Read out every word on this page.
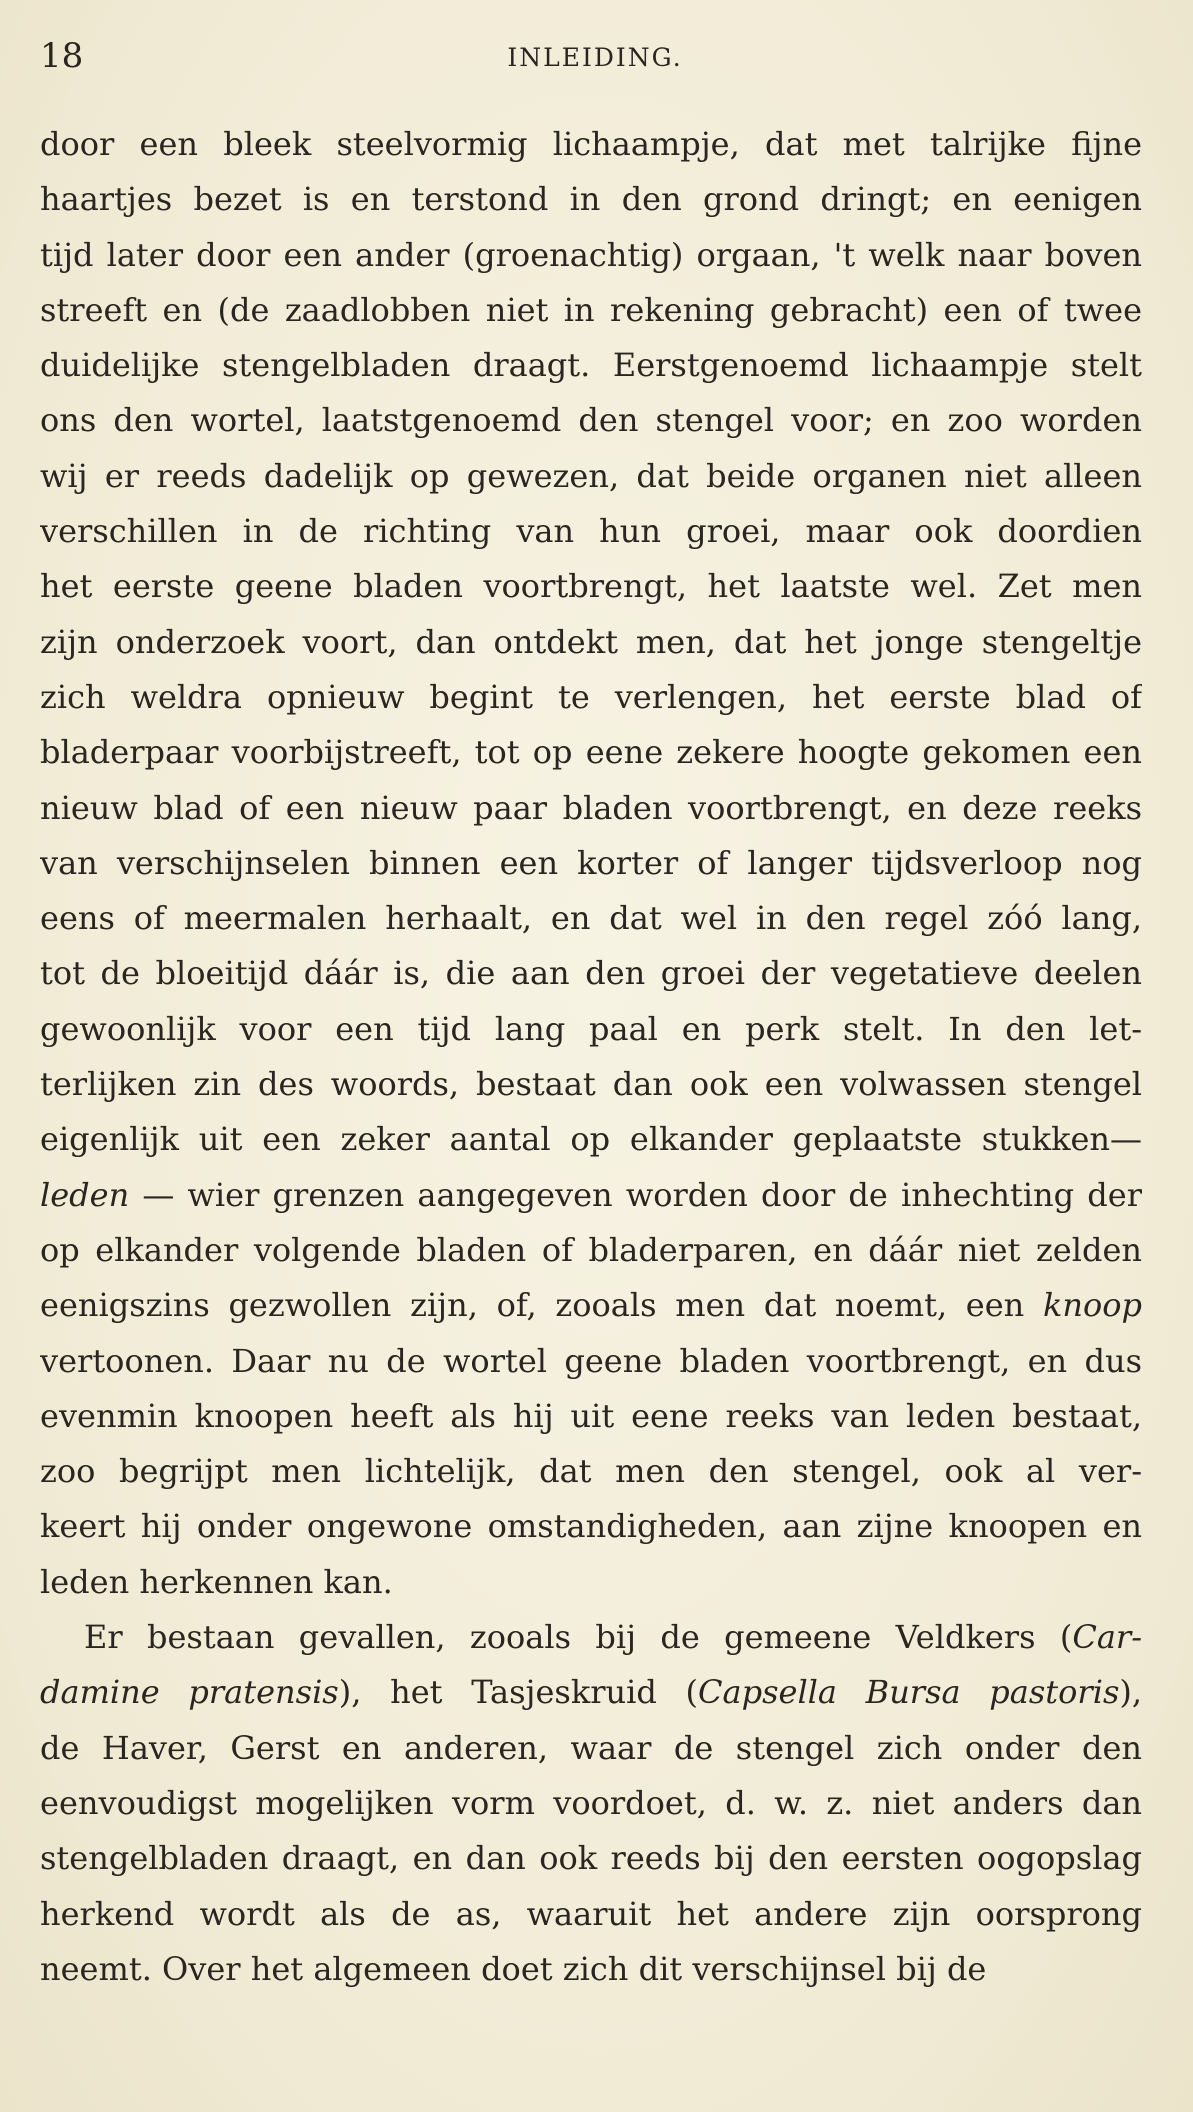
18	INLEIDING.
door een bleek steelvormig lichaampje, dat met talrijke fijne
haartjes bezet is en terstond in den grond dringt; en eenigen
tijd later door een ander (groenachtig) orgaan, 't welk naar boven
streeft en (de zaadlobben niet in rekening gebracht) een of twee
duidelijke stengelbladen draagt. Eerstgenoemd lichaampje stelt
ons den wortel, laatstgenoemd den stengel voor; en zoo worden
wij er reeds dadelijk op gewezen, dat beide organen niet alleen
verschillen in de richting van hun groei, maar ook doordien
het eerste geene bladen voortbrengt, het laatste wel. Zet men
zijn onderzoek voort, dan ontdekt men, dat het jonge stengeltje
zich weldra opnieuw begint te verlengen, het eerste blad of
bladerpaar voorbijstreeft, tot op eene zekere hoogte gekomen een
nieuw blad of een nieuw paar bladen voortbrengt, en deze reeks
van verschijnselen binnen een korter of langer tijdsverloop nog
eens of meermalen herhaalt, en dat wel in den regel zóó lang,
tot de bloeitijd dáár is, die aan den groei der vegetatieve deelen
gewoonlijk voor een tijd lang paal en perk stelt. In den let-
terlijken zin des woords, bestaat dan ook een volwassen stengel
eigenlijk uit een zeker aantal op elkander geplaatste stukken—
leden — wier grenzen aangegeven worden door de inhechting der
op elkander volgende bladen of bladerparen, en dáár niet zelden
eenigszins gezwollen zijn, of, zooals men dat noemt, een knoop
vertoonen. Daar nu de wortel geene bladen voortbrengt, en dus
evenmin knoopen heeft als hij uit eene reeks van leden bestaat,
zoo begrijpt men lichtelijk, dat men den stengel, ook al ver-
keert hij onder ongewone omstandigheden, aan zijne knoopen en
leden herkennen kan.
Er bestaan gevallen, zooals bij de gemeene Veldkers (Car-
damine pratensis), het Tasjeskruid (Capsella Bursa pastoris),
de Haver, Gerst en anderen, waar de stengel zich onder den
eenvoudigst mogelijken vorm voordoet, d. w. z. niet anders dan
stengelbladen draagt, en dan ook reeds bij den eersten oogopslag
herkend wordt als de as, waaruit het andere zijn oorsprong
neemt. Over het algemeen doet zich dit verschijnsel bij de
